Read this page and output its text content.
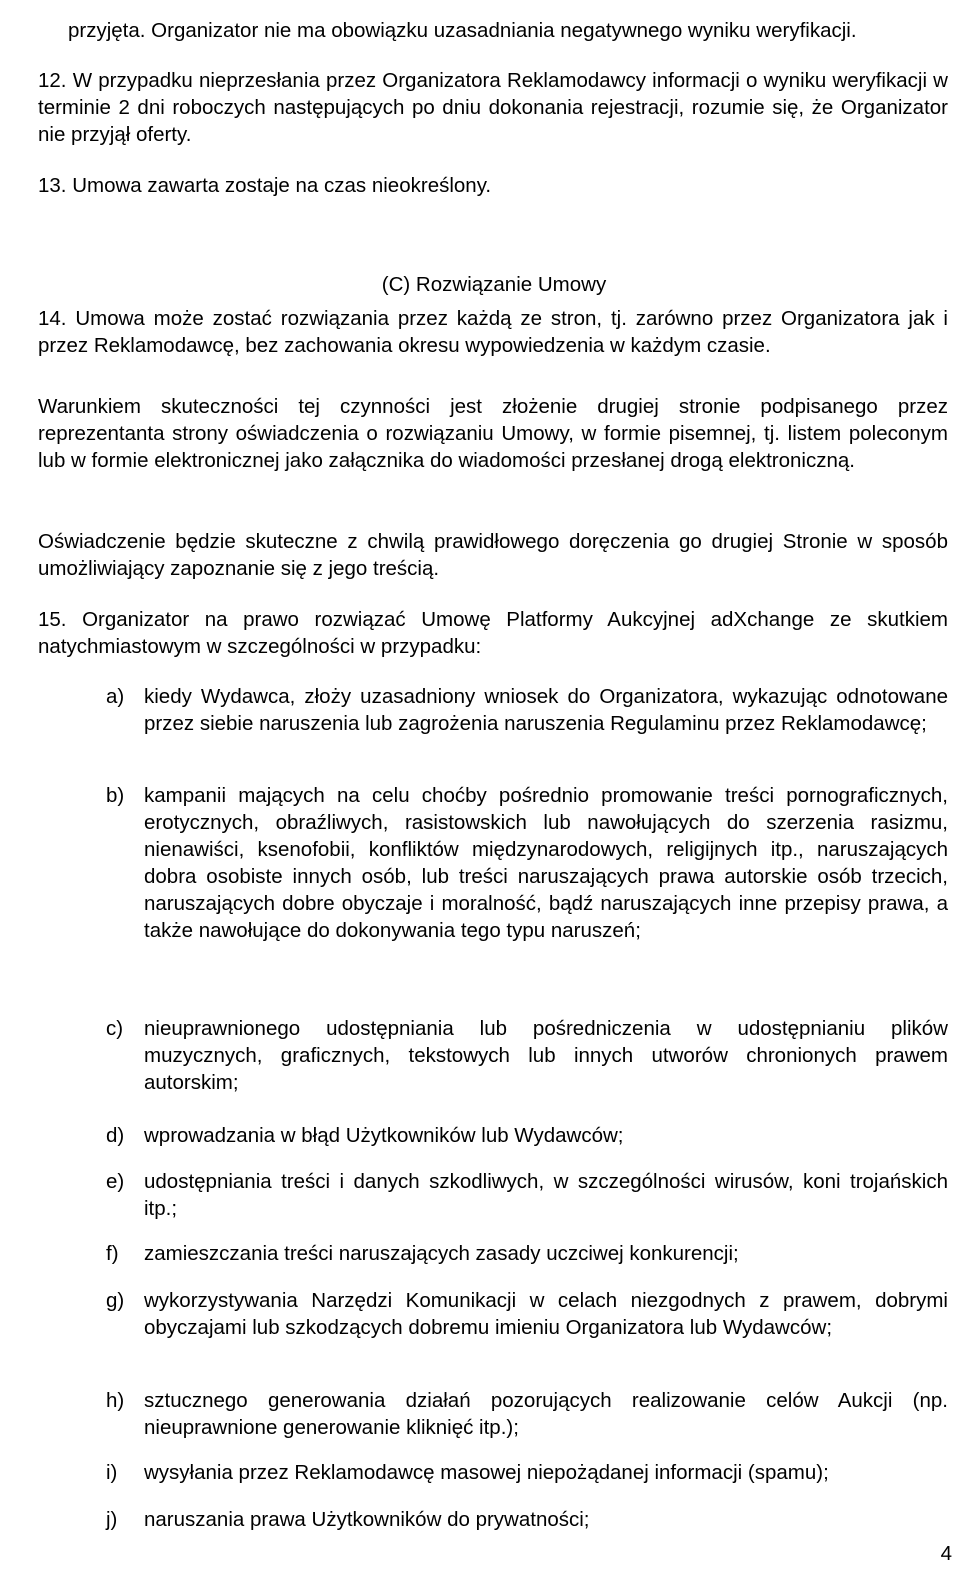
przyjęta. Organizator nie ma obowiązku uzasadniania negatywnego wyniku weryfikacji.

12. W przypadku nieprzesłania przez Organizatora Reklamodawcy informacji o wyniku weryfikacji w terminie 2 dni roboczych następujących po dniu dokonania rejestracji, rozumie się, że Organizator nie przyjął oferty.

13. Umowa zawarta zostaje na czas nieokreślony.

(C) Rozwiązanie Umowy

14. Umowa może zostać rozwiązania przez każdą ze stron, tj. zarówno przez Organizatora jak i przez Reklamodawcę, bez zachowania okresu wypowiedzenia w każdym czasie.

Warunkiem skuteczności tej czynności jest złożenie drugiej stronie podpisanego przez reprezentanta strony oświadczenia o rozwiązaniu Umowy, w formie pisemnej, tj. listem poleconym lub w formie elektronicznej jako załącznika do wiadomości przesłanej drogą elektroniczną.

Oświadczenie będzie skuteczne z chwilą prawidłowego doręczenia go drugiej Stronie w sposób umożliwiający zapoznanie się z jego treścią.

15. Organizator na prawo rozwiązać Umowę Platformy Aukcyjnej adXchange ze skutkiem natychmiastowym w szczególności w przypadku:

a) kiedy Wydawca, złoży uzasadniony wniosek do Organizatora, wykazując odnotowane przez siebie naruszenia lub zagrożenia naruszenia Regulaminu przez Reklamodawcę;
b) kampanii mających na celu choćby pośrednio promowanie treści pornograficznych, erotycznych, obraźliwych, rasistowskich lub nawołujących do szerzenia rasizmu, nienawiści, ksenofobii, konfliktów międzynarodowych, religijnych itp., naruszających dobra osobiste innych osób, lub treści naruszających prawa autorskie osób trzecich, naruszających dobre obyczaje i moralność, bądź naruszających inne przepisy prawa, a także nawołujące do dokonywania tego typu naruszeń;
c)	nieuprawnionego udostępniania lub pośredniczenia w udostępnianiu plików muzycznych, graficznych, tekstowych lub innych utworów chronionych prawem autorskim;
d) wprowadzania w błąd Użytkowników lub Wydawców;
e) udostępniania treści i danych szkodliwych, w szczególności wirusów, koni trojańskich itp.;
f)	zamieszczania treści naruszających zasady uczciwej konkurencji;
g) wykorzystywania Narzędzi Komunikacji w celach niezgodnych z prawem, dobrymi obyczajami lub szkodzących dobremu imieniu Organizatora lub Wydawców;
h) sztucznego generowania działań pozorujących realizowanie celów Aukcji (np. nieuprawnione generowanie kliknięć itp.);
i)	wysyłania przez Reklamodawcę masowej niepożądanej informacji (spamu);
j)	naruszania prawa Użytkowników do prywatności;
4
